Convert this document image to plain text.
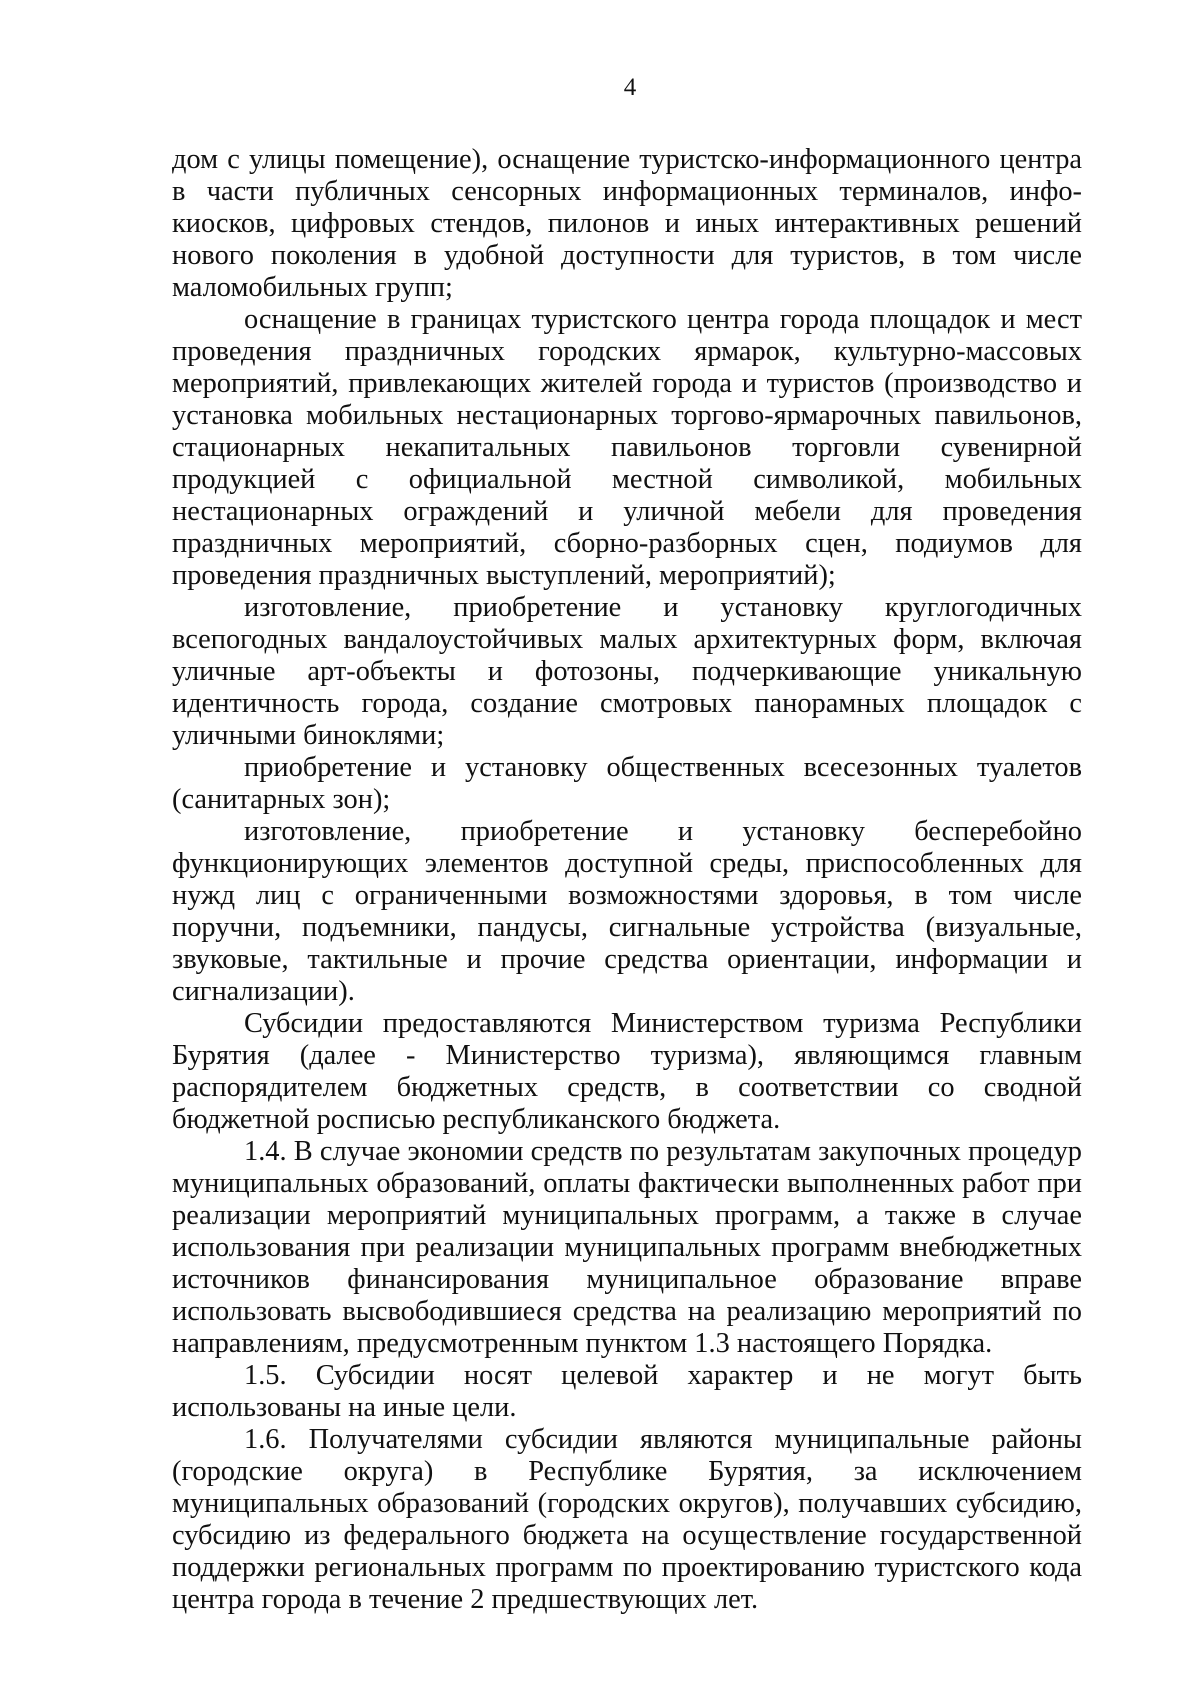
4

дом с улицы помещение), оснащение туристско-информационного центра в части публичных сенсорных информационных терминалов, инфо-киосков, цифровых стендов, пилонов и иных интерактивных решений нового поколения в удобной доступности для туристов, в том числе маломобильных групп;

оснащение в границах туристского центра города площадок и мест проведения праздничных городских ярмарок, культурно-массовых мероприятий, привлекающих жителей города и туристов (производство и установка мобильных нестационарных торгово-ярмарочных павильонов, стационарных некапитальных павильонов торговли сувенирной продукцией с официальной местной символикой, мобильных нестационарных ограждений и уличной мебели для проведения праздничных мероприятий, сборно-разборных сцен, подиумов для проведения праздничных выступлений, мероприятий);

изготовление, приобретение и установку круглогодичных всепогодных вандалоустойчивых малых архитектурных форм, включая уличные арт-объекты и фотозоны, подчеркивающие уникальную идентичность города, создание смотровых панорамных площадок с уличными биноклями;

приобретение и установку общественных всесезонных туалетов (санитарных зон);

изготовление, приобретение и установку бесперебойно функционирующих элементов доступной среды, приспособленных для нужд лиц с ограниченными возможностями здоровья, в том числе поручни, подъемники, пандусы, сигнальные устройства (визуальные, звуковые, тактильные и прочие средства ориентации, информации и сигнализации).

Субсидии предоставляются Министерством туризма Республики Бурятия (далее - Министерство туризма), являющимся главным распорядителем бюджетных средств, в соответствии со сводной бюджетной росписью республиканского бюджета.

1.4. В случае экономии средств по результатам закупочных процедур муниципальных образований, оплаты фактически выполненных работ при реализации мероприятий муниципальных программ, а также в случае использования при реализации муниципальных программ внебюджетных источников финансирования муниципальное образование вправе использовать высвободившиеся средства на реализацию мероприятий по направлениям, предусмотренным пунктом 1.3 настоящего Порядка.

1.5. Субсидии носят целевой характер и не могут быть использованы на иные цели.

1.6. Получателями субсидии являются муниципальные районы (городские округа) в Республике Бурятия, за исключением муниципальных образований (городских округов), получавших субсидию, субсидию из федерального бюджета на осуществление государственной поддержки региональных программ по проектированию туристского кода центра города в течение 2 предшествующих лет.
